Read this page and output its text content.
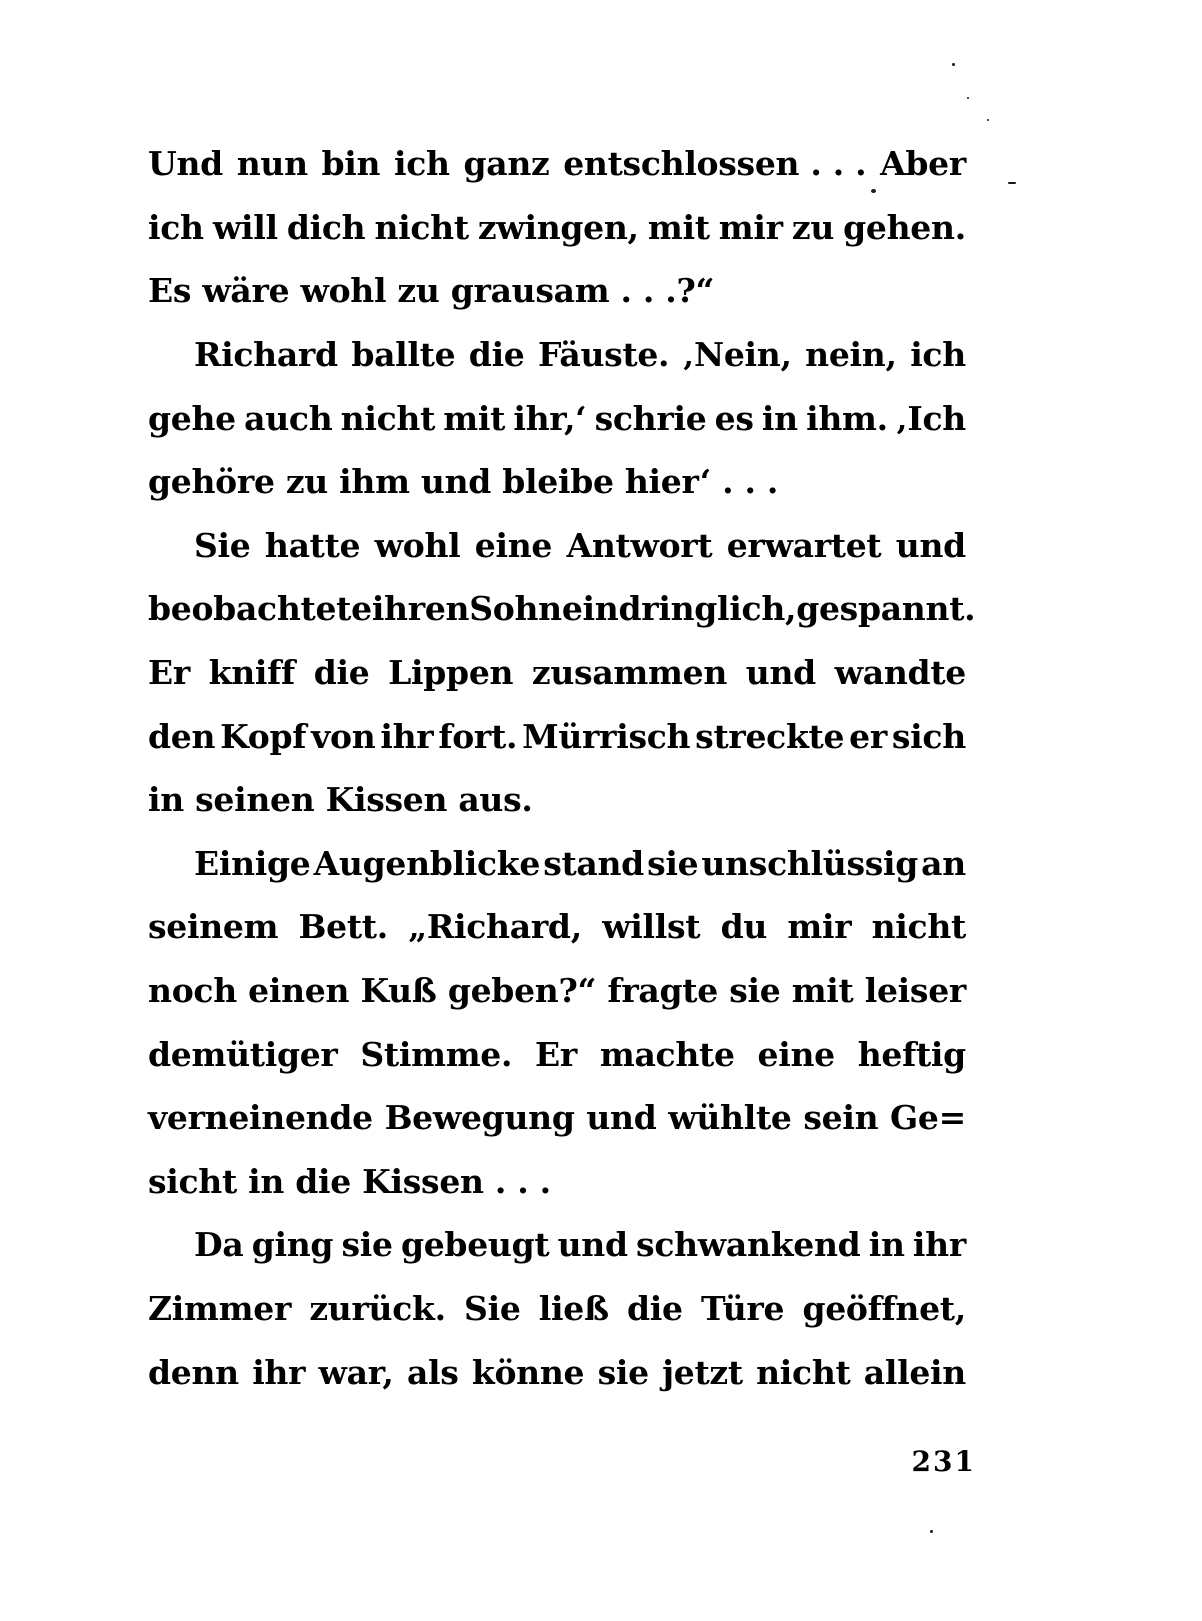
Und nun bin ich ganz entschlossen . . . Aber
ich will dich nicht zwingen, mit mir zu gehen.
Es wäre wohl zu grausam . . .?“
Richard ballte die Fäuste. ‚Nein, nein, ich
gehe auch nicht mit ihr,‘ schrie es in ihm. ‚Ich
gehöre zu ihm und bleibe hier‘ . . .
Sie hatte wohl eine Antwort erwartet und
beobachtete ihren Sohn eindringlich, gespannt.
Er kniff die Lippen zusammen und wandte
den Kopf von ihr fort. Mürrisch streckte er sich
in seinen Kissen aus.
Einige Augenblicke stand sie unschlüssig an
seinem Bett. „Richard, willst du mir nicht
noch einen Kuß geben?“ fragte sie mit leiser
demütiger Stimme. Er machte eine heftig
verneinende Bewegung und wühlte sein Ge=
sicht in die Kissen . . .
Da ging sie gebeugt und schwankend in ihr
Zimmer zurück. Sie ließ die Türe geöffnet,
denn ihr war, als könne sie jetzt nicht allein
231
